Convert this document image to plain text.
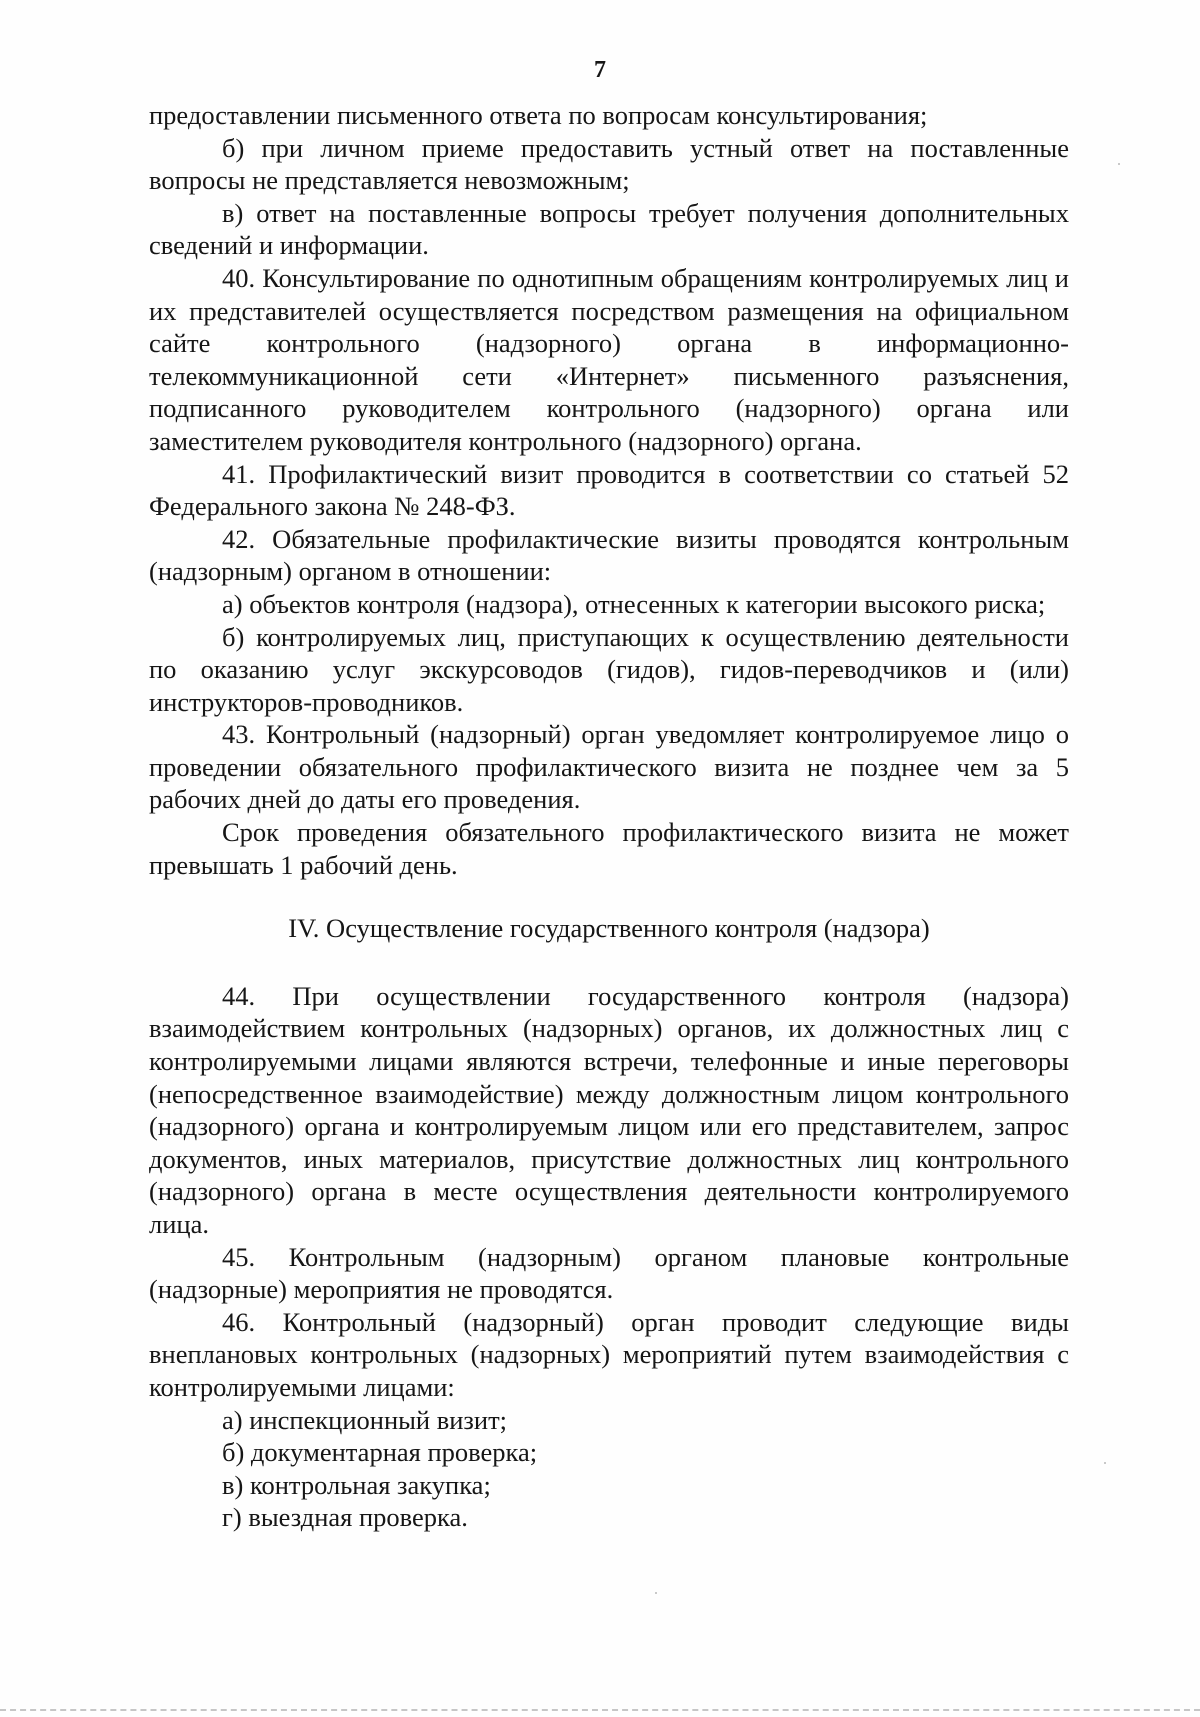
7

предоставлении письменного ответа по вопросам консультирования;

б) при личном приеме предоставить устный ответ на поставленные вопросы не представляется невозможным;

в) ответ на поставленные вопросы требует получения дополнительных сведений и информации.

40. Консультирование по однотипным обращениям контролируемых лиц и их представителей осуществляется посредством размещения на официальном сайте контрольного (надзорного) органа в информационно-телекоммуникационной сети «Интернет» письменного разъяснения, подписанного руководителем контрольного (надзорного) органа или заместителем руководителя контрольного (надзорного) органа.

41. Профилактический визит проводится в соответствии со статьей 52 Федерального закона № 248-ФЗ.

42. Обязательные профилактические визиты проводятся контрольным (надзорным) органом в отношении:

а) объектов контроля (надзора), отнесенных к категории высокого риска;

б) контролируемых лиц, приступающих к осуществлению деятельности по оказанию услуг экскурсоводов (гидов), гидов-переводчиков и (или) инструкторов-проводников.

43. Контрольный (надзорный) орган уведомляет контролируемое лицо о проведении обязательного профилактического визита не позднее чем за 5 рабочих дней до даты его проведения.

Срок проведения обязательного профилактического визита не может превышать 1 рабочий день.

IV. Осуществление государственного контроля (надзора)

44. При осуществлении государственного контроля (надзора) взаимодействием контрольных (надзорных) органов, их должностных лиц с контролируемыми лицами являются встречи, телефонные и иные переговоры (непосредственное взаимодействие) между должностным лицом контрольного (надзорного) органа и контролируемым лицом или его представителем, запрос документов, иных материалов, присутствие должностных лиц контрольного (надзорного) органа в месте осуществления деятельности контролируемого лица.

45. Контрольным (надзорным) органом плановые контрольные (надзорные) мероприятия не проводятся.

46. Контрольный (надзорный) орган проводит следующие виды внеплановых контрольных (надзорных) мероприятий путем взаимодействия с контролируемыми лицами:

а) инспекционный визит;

б) документарная проверка;

в) контрольная закупка;

г) выездная проверка.
